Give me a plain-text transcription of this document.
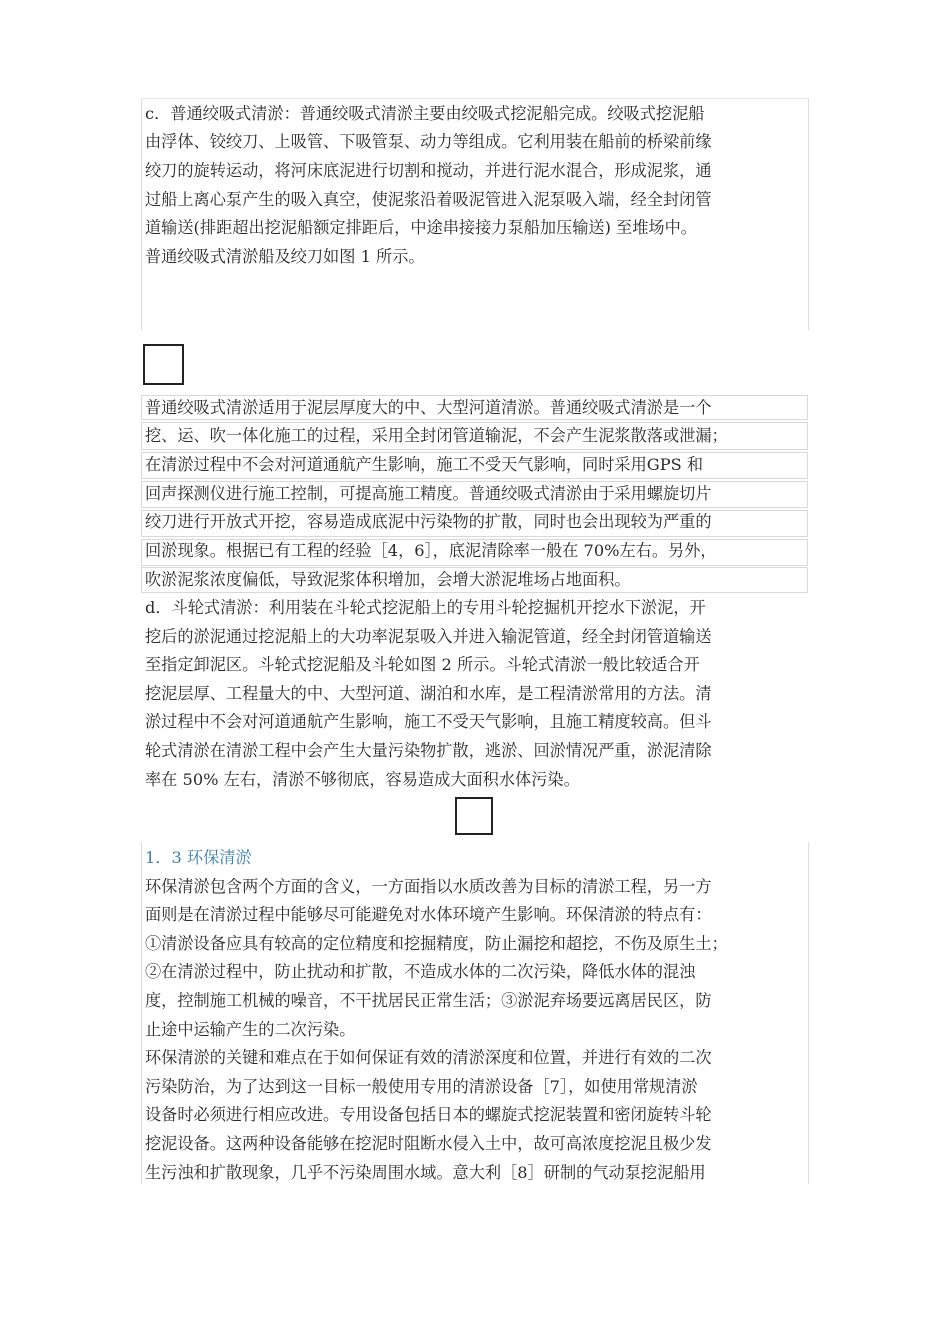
c．普通绞吸式清淤：普通绞吸式清淤主要由绞吸式挖泥船完成。绞吸式挖泥船
由浮体、铰绞刀、上吸管、下吸管泵、动力等组成。它利用装在船前的桥梁前缘
绞刀的旋转运动，将河床底泥进行切割和搅动，并进行泥水混合，形成泥浆，通
过船上离心泵产生的吸入真空，使泥浆沿着吸泥管进入泥泵吸入端，经全封闭管
道输送(排距超出挖泥船额定排距后，中途串接接力泵船加压输送) 至堆场中。
普通绞吸式清淤船及绞刀如图 1 所示。
普通绞吸式清淤适用于泥层厚度大的中、大型河道清淤。普通绞吸式清淤是一个
挖、运、吹一体化施工的过程，采用全封闭管道输泥，不会产生泥浆散落或泄漏；
在清淤过程中不会对河道通航产生影响，施工不受天气影响，同时采用GPS 和
回声探测仪进行施工控制，可提高施工精度。普通绞吸式清淤由于采用螺旋切片
绞刀进行开放式开挖，容易造成底泥中污染物的扩散，同时也会出现较为严重的
回淤现象。根据已有工程的经验［4，6］，底泥清除率一般在 70%左右。另外，
吹淤泥浆浓度偏低，导致泥浆体积增加，会增大淤泥堆场占地面积。
d．斗轮式清淤：利用装在斗轮式挖泥船上的专用斗轮挖掘机开挖水下淤泥，开
挖后的淤泥通过挖泥船上的大功率泥泵吸入并进入输泥管道，经全封闭管道输送
至指定卸泥区。斗轮式挖泥船及斗轮如图 2 所示。斗轮式清淤一般比较适合开
挖泥层厚、工程量大的中、大型河道、湖泊和水库，是工程清淤常用的方法。清
淤过程中不会对河道通航产生影响，施工不受天气影响，且施工精度较高。但斗
轮式清淤在清淤工程中会产生大量污染物扩散，逃淤、回淤情况严重，淤泥清除
率在 50% 左右，清淤不够彻底，容易造成大面积水体污染。
1．3 环保清淤
环保清淤包含两个方面的含义，一方面指以水质改善为目标的清淤工程，另一方
面则是在清淤过程中能够尽可能避免对水体环境产生影响。环保清淤的特点有：
①清淤设备应具有较高的定位精度和挖掘精度，防止漏挖和超挖，不伤及原生土；
②在清淤过程中，防止扰动和扩散，不造成水体的二次污染，降低水体的混浊
度，控制施工机械的噪音，不干扰居民正常生活；③淤泥弃场要远离居民区，防
止途中运输产生的二次污染。
环保清淤的关键和难点在于如何保证有效的清淤深度和位置，并进行有效的二次
污染防治，为了达到这一目标一般使用专用的清淤设备［7］，如使用常规清淤
设备时必须进行相应改进。专用设备包括日本的螺旋式挖泥装置和密闭旋转斗轮
挖泥设备。这两种设备能够在挖泥时阻断水侵入土中，故可高浓度挖泥且极少发
生污浊和扩散现象，几乎不污染周围水域。意大利［8］研制的气动泵挖泥船用
